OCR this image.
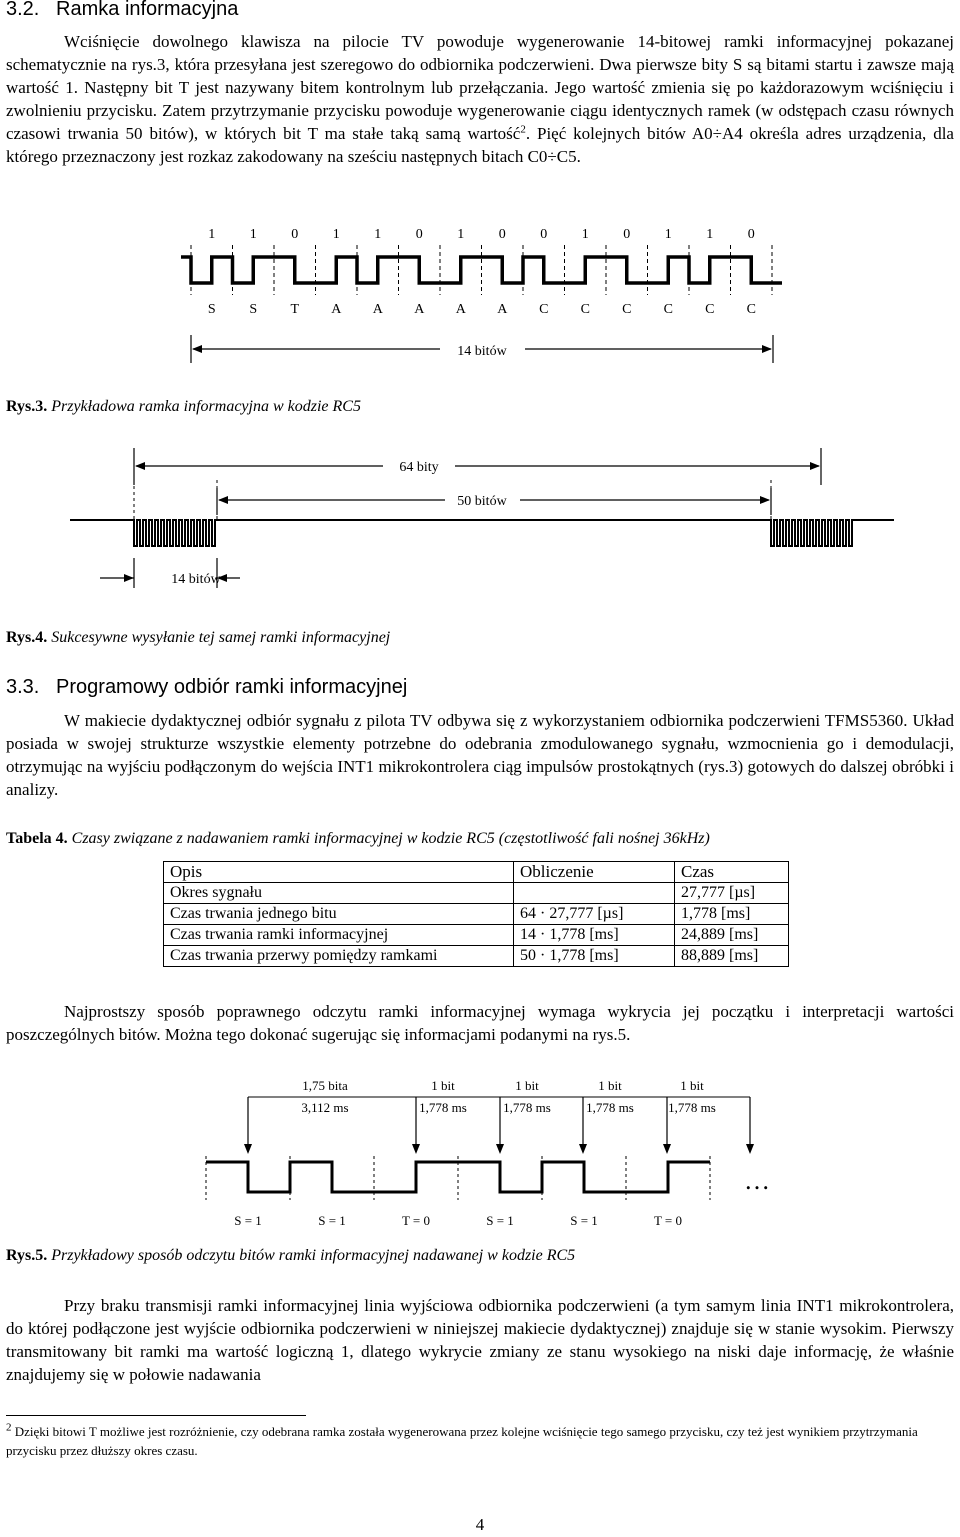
3.2. Ramka informacyjna
Wciśnięcie dowolnego klawisza na pilocie TV powoduje wygenerowanie 14-bitowej ramki informacyjnej pokazanej schematycznie na rys.3, która przesyłana jest szeregowo do odbiornika podczerwieni. Dwa pierwsze bity S są bitami startu i zawsze mają wartość 1. Następny bit T jest nazywany bitem kontrolnym lub przełączania. Jego wartość zmienia się po każdorazowym wciśnięciu i zwolnieniu przycisku. Zatem przytrzymanie przycisku powoduje wygenerowanie ciągu identycznych ramek (w odstępach czasu równych czasowi trwania 50 bitów), w których bit T ma stałe taką samą wartość$^2$. Pięć kolejnych bitów A0÷A4 określa adres urządzenia, dla którego przeznaczony jest rozkaz zakodowany na sześciu następnych bitach C0÷C5.
1 1 0 1 1 0 1 0 0 1 0 1 1 0
S S T A A A A A C C C C C C
14 bitów
Rys.3. Przykładowa ramka informacyjna w kodzie RC5
64 bity
50 bitów
14 bitów
Rys.4. Sukcesywne wysyłanie tej samej ramki informacyjnej
3.3. Programowy odbiór ramki informacyjnej
W makiecie dydaktycznej odbiór sygnału z pilota TV odbywa się z wykorzystaniem odbiornika podczerwieni TFMS5360. Układ posiada w swojej strukturze wszystkie elementy potrzebne do odebrania zmodulowanego sygnału, wzmocnienia go i demodulacji, otrzymując na wyjściu podłączonym do wejścia INT1 mikrokontrolera ciąg impulsów prostokątnych (rys.3) gotowych do dalszej obróbki i analizy.
Tabela 4. Czasy związane z nadawaniem ramki informacyjnej w kodzie RC5 (częstotliwość fali nośnej 36kHz)
Opis	Obliczenie	Czas
Okres sygnału		27,777 [µs]
Czas trwania jednego bitu	64 · 27,777 [µs]	1,778 [ms]
Czas trwania ramki informacyjnej	14 · 1,778 [ms]	24,889 [ms]
Czas trwania przerwy pomiędzy ramkami	50 · 1,778 [ms]	88,889 [ms]
Najprostszy sposób poprawnego odczytu ramki informacyjnej wymaga wykrycia jej początku i interpretacji wartości poszczególnych bitów. Można tego dokonać sugerując się informacjami podanymi na rys.5.
1,75 bita	1 bit	1 bit	1 bit	1 bit
3,112 ms	1,778 ms	1,778 ms	1,778 ms	1,778 ms
…
S = 1	S = 1	T = 0	S = 1	S = 1	T = 0
Rys.5. Przykładowy sposób odczytu bitów ramki informacyjnej nadawanej w kodzie RC5
Przy braku transmisji ramki informacyjnej linia wyjściowa odbiornika podczerwieni (a tym samym linia INT1 mikrokontrolera, do której podłączone jest wyjście odbiornika podczerwieni w niniejszej makiecie dydaktycznej) znajduje się w stanie wysokim. Pierwszy transmitowany bit ramki ma wartość logiczną 1, dlatego wykrycie zmiany ze stanu wysokiego na niski daje informację, że właśnie znajdujemy się w połowie nadawania
$^2$ Dzięki bitowi T możliwe jest rozróżnienie, czy odebrana ramka została wygenerowana przez kolejne wciśnięcie tego samego przycisku, czy też jest wynikiem przytrzymania przycisku przez dłuższy okres czasu.
4
